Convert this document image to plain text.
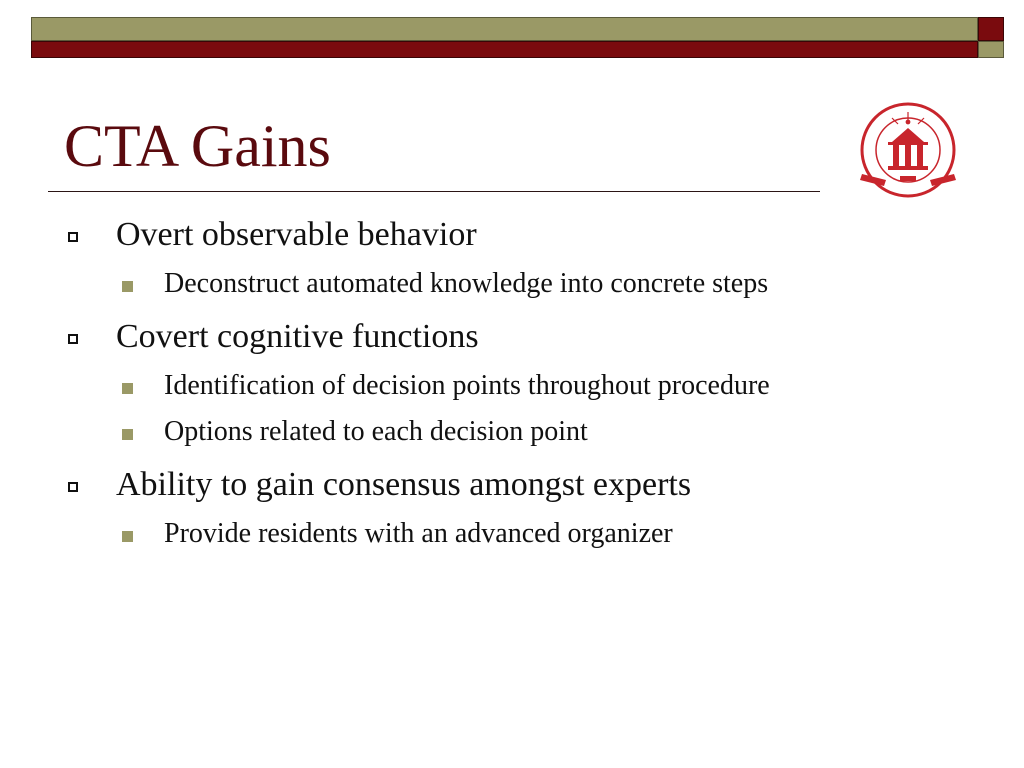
CTA Gains
Overt observable behavior
Deconstruct automated knowledge into concrete steps
Covert cognitive functions
Identification of decision points throughout procedure
Options related to each decision point
Ability to gain consensus amongst experts
Provide residents with an advanced organizer
